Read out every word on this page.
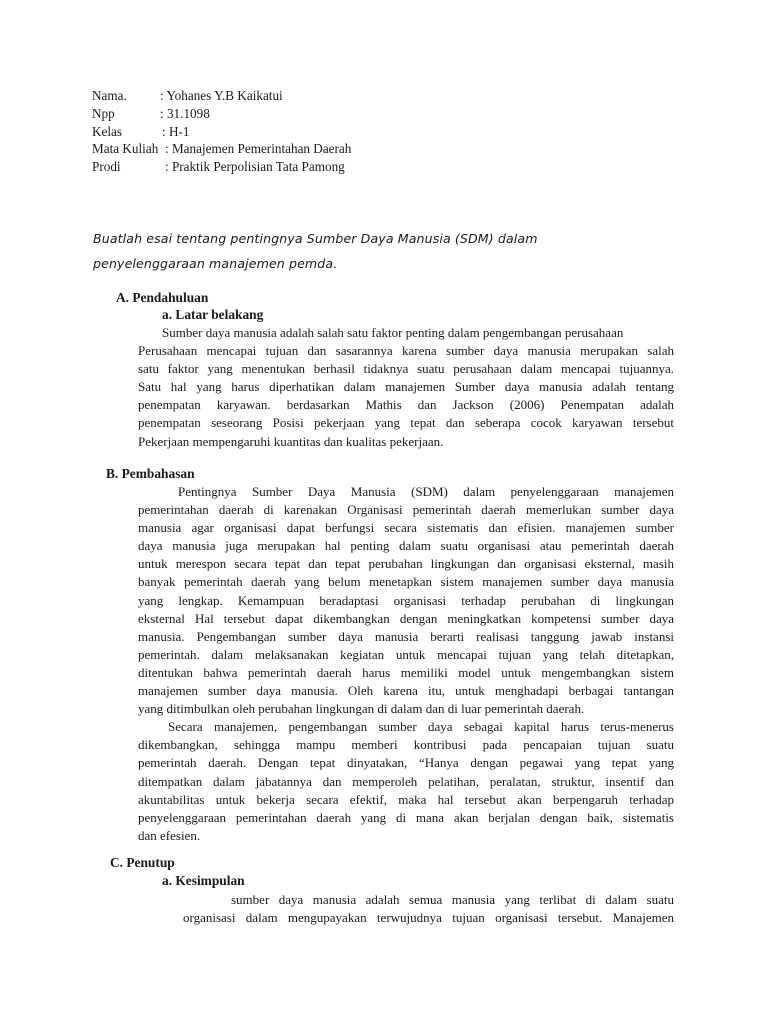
Nama.	: Yohanes Y.B Kaikatui
Npp	: 31.1098
Kelas	: H-1
Mata Kuliah : Manajemen Pemerintahan Daerah
Prodi	: Praktik Perpolisian Tata Pamong
Buatlah esai tentang pentingnya Sumber Daya Manusia (SDM) dalam
penyelenggaraan manajemen pemda.
A. Pendahuluan
a. Latar belakang
Sumber daya manusia adalah salah satu faktor penting dalam pengembangan perusahaan
Perusahaan mencapai tujuan dan sasarannya karena sumber daya manusia merupakan salah
satu faktor yang menentukan berhasil tidaknya suatu perusahaan dalam mencapai tujuannya.
Satu hal yang harus diperhatikan dalam manajemen Sumber daya manusia adalah tentang
penempatan karyawan. berdasarkan Mathis dan Jackson (2006) Penempatan adalah
penempatan seseorang Posisi pekerjaan yang tepat dan seberapa cocok karyawan tersebut
Pekerjaan mempengaruhi kuantitas dan kualitas pekerjaan.
B. Pembahasan
Pentingnya Sumber Daya Manusia (SDM) dalam penyelenggaraan manajemen
pemerintahan daerah di karenakan Organisasi pemerintah daerah memerlukan sumber daya
manusia agar organisasi dapat berfungsi secara sistematis dan efisien. manajemen sumber
daya manusia juga merupakan hal penting dalam suatu organisasi atau pemerintah daerah
untuk merespon secara tepat dan tepat perubahan lingkungan dan organisasi eksternal, masih
banyak pemerintah daerah yang belum menetapkan sistem manajemen sumber daya manusia
yang lengkap. Kemampuan beradaptasi organisasi terhadap perubahan di lingkungan
eksternal Hal tersebut dapat dikembangkan dengan meningkatkan kompetensi sumber daya
manusia. Pengembangan sumber daya manusia berarti realisasi tanggung jawab instansi
pemerintah. dalam melaksanakan kegiatan untuk mencapai tujuan yang telah ditetapkan,
ditentukan bahwa pemerintah daerah harus memiliki model untuk mengembangkan sistem
manajemen sumber daya manusia. Oleh karena itu, untuk menghadapi berbagai tantangan
yang ditimbulkan oleh perubahan lingkungan di dalam dan di luar pemerintah daerah.
Secara manajemen, pengembangan sumber daya sebagai kapital harus terus-menerus
dikembangkan, sehingga mampu memberi kontribusi pada pencapaian tujuan suatu
pemerintah daerah. Dengan tepat dinyatakan, “Hanya dengan pegawai yang tepat yang
ditempatkan dalam jabatannya dan memperoleh pelatihan, peralatan, struktur, insentif dan
akuntabilitas untuk bekerja secara efektif, maka hal tersebut akan berpengaruh terhadap
penyelenggaraan pemerintahan daerah yang di mana akan berjalan dengan baik, sistematis
dan efesien.
C. Penutup
a. Kesimpulan
sumber daya manusia adalah semua manusia yang terlibat di dalam suatu
organisasi dalam mengupayakan terwujudnya tujuan organisasi tersebut. Manajemen
